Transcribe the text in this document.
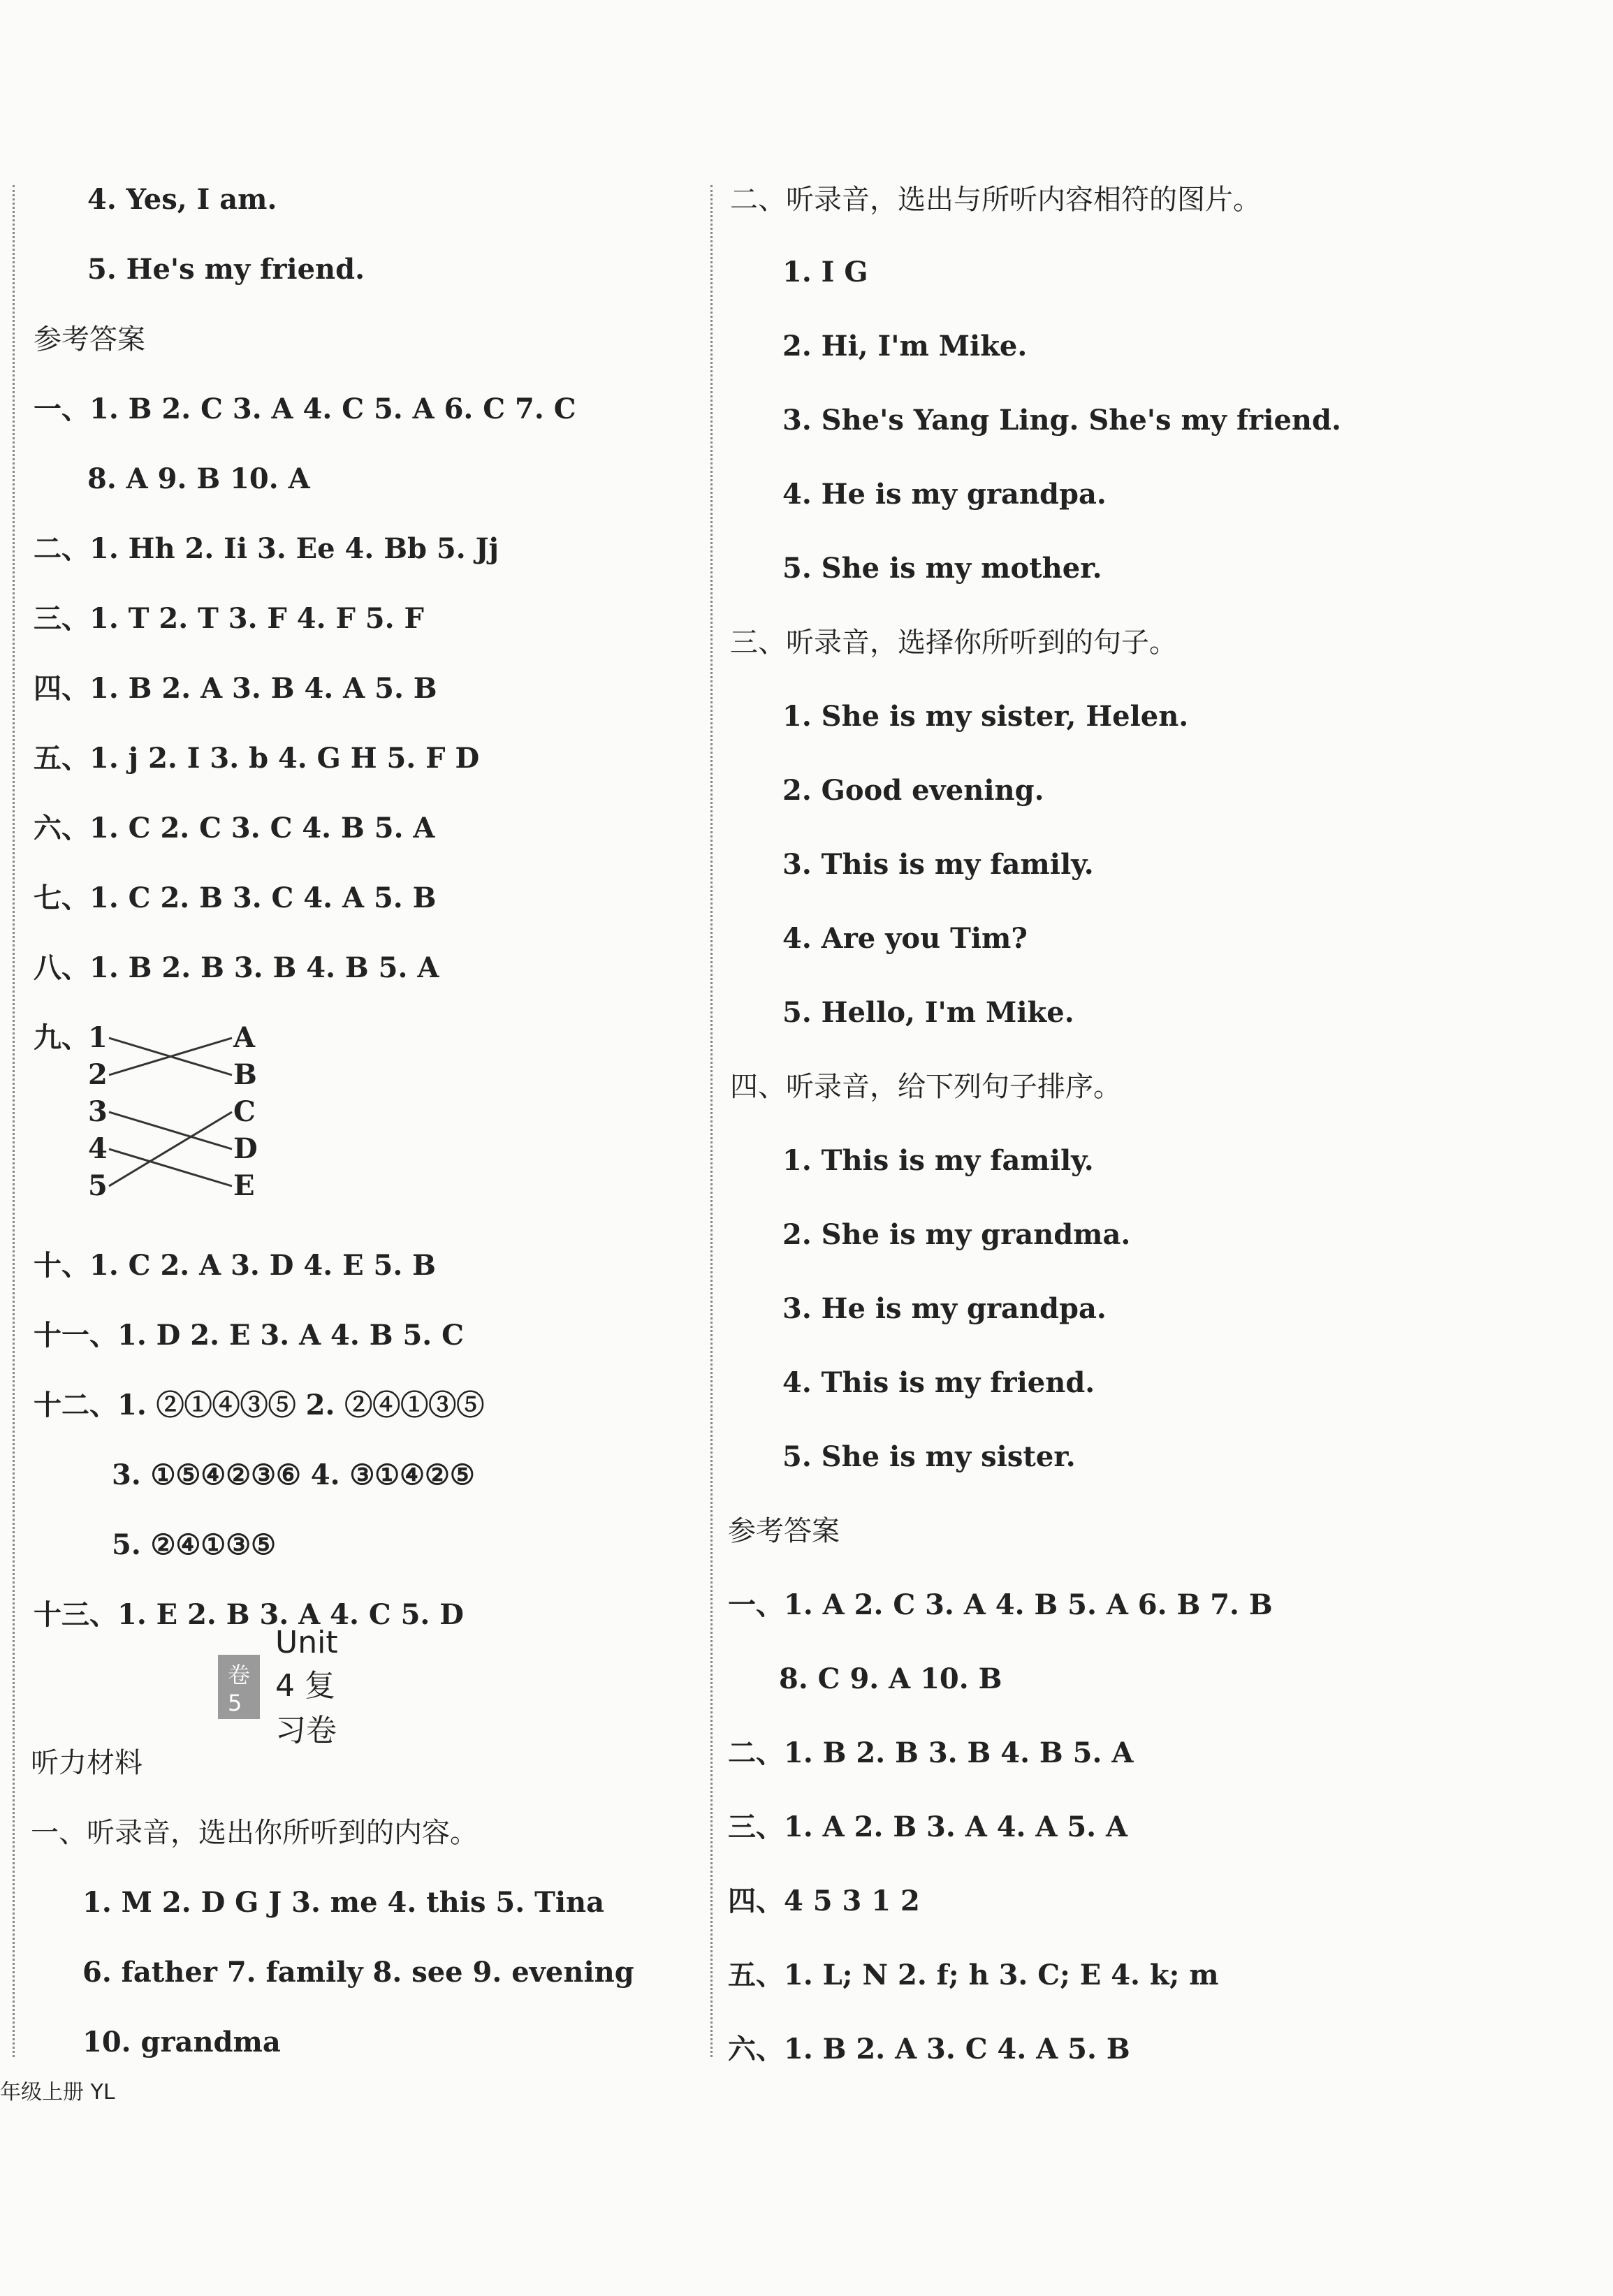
4. Yes, I am.
5. He's my friend.
参考答案
一、1. B 2. C 3. A 4. C 5. A 6. C 7. C
8. A 9. B 10. A
二、1. Hh 2. Ii 3. Ee 4. Bb 5. Jj
三、1. T 2. T 3. F 4. F 5. F
四、1. B 2. A 3. B 4. A 5. B
五、1. j 2. I 3. b 4. G H 5. F D
六、1. C 2. C 3. C 4. B 5. A
七、1. C 2. B 3. C 4. A 5. B
八、1. B 2. B 3. B 4. B 5. A
九、
1
2
3
4
5
A
B
C
D
E
十、1. C 2. A 3. D 4. E 5. B
十一、1. D 2. E 3. A 4. B 5. C
十二、1. ②①④③⑤ 2. ②④①③⑤
3. ①⑤④②③⑥ 4. ③①④②⑤
5. ②④①③⑤
十三、1. E 2. B 3. A 4. C 5. D
卷5
Unit 4 复习卷
听力材料
一、听录音，选出你所听到的内容。
1. M 2. D G J 3. me 4. this 5. Tina
6. father 7. family 8. see 9. evening
10. grandma
二、听录音，选出与所听内容相符的图片。
1. I G
2. Hi, I'm Mike.
3. She's Yang Ling. She's my friend.
4. He is my grandpa.
5. She is my mother.
三、听录音，选择你所听到的句子。
1. She is my sister, Helen.
2. Good evening.
3. This is my family.
4. Are you Tim?
5. Hello, I'm Mike.
四、听录音，给下列句子排序。
1. This is my family.
2. She is my grandma.
3. He is my grandpa.
4. This is my friend.
5. She is my sister.
参考答案
一、1. A 2. C 3. A 4. B 5. A 6. B 7. B
8. C 9. A 10. B
二、1. B 2. B 3. B 4. B 5. A
三、1. A 2. B 3. A 4. A 5. A
四、4 5 3 1 2
五、1. L; N 2. f; h 3. C; E 4. k; m
六、1. B 2. A 3. C 4. A 5. B
年级上册 YL
